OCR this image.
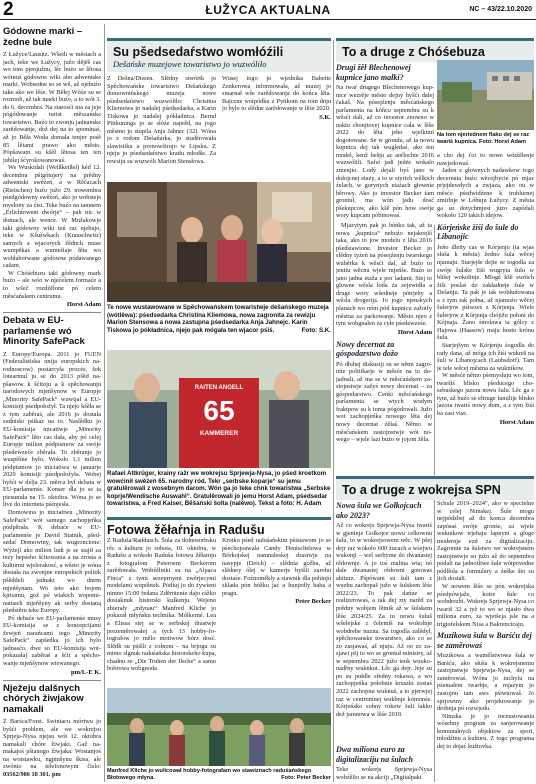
2	ŁUŽYCA AKTUALNA	NC – 43/22.10.2020
Gódowne marki – žedne bule

Z Łužyce/Lausitz. Wšedi w městach a jach, teke we Łužycy, južo dějěš cas wo tom pjenjužnu, lěc buźo se lětosa wótmiś gódowne wiki abo adwentske marki. Wobsedne so se wě, až njebuźo take ako we lěśe. W Běłej Wóźe su se rozmoli, až tak marki buźo, a to wót 3. do 6. decembra. Na starosći ma za jeje pógódowanje turist měszańske towaristwo. Buźo to zwonju jadnanske zarědowanje, dož dej na to spominaś, až jo Běła Woda domała tenjer pośě 85 lětami prawo ako město. Pópšawam su kšěł lětosa ten ten jubilej śćyrokowanowaś.

We Wuskidali (Weißkeißel) kéd 12. decembra pšigótujery na prědny adwentski swěźeń, a w Rěčacach (Rietschen) buźo južo 29. nowembra pśedgódowny swěźeń, ako jo wobsteje myslony za ćisi. Teke buźo na tamnem „Erlichtowem dwórje“ – pak nic w domach, ale wence. W Mužakowje taki gódowny wiki teń raz njebujo, teke w Kšušwkach (Krauschwitz) samych a wjacorych žědnch muse wumpĕkaś a wumešiaje łěta wo wobłaborwane gódowne pódawanego cašam.

W Chóśebuzu taki gódowny mark buźo – ale wóo w njećelem formaće a to wšeč rozdźělone pó celem měsćańskem centrumu.

Horst Adam
Debata w EU-parlamenśe wó Minority SafePack

Z Europy/Europa. 2011 jo FUEN (Federalistiska unija europskich narodnoscow) postarcyła procés, žek lotearmul ju se do 2013 pšěd napšawow k šćitoju a k spěchowanju narodowych mjeńšynow w Europje „Minority SafePack“ wuwijał a EU-komisiji pśedpołožył. Ta njejo kšěła se z tym zaběraś, ale 2016 jo dostała sudniski pśikaz na to. Naslědku jo EU-komisija inicatiwje „Minority SafePack“ lěto cas dała, aby pó celej Europje milion pódpismow za swóje pšedewzeće zběrała. To zběranje jo wuspěšne było. Wokoło 1,1 milion pódpismow jo iniciatiwa w januarje 2020 komisiji pśedpołožyła. Wobej hyšći w delja 23. měrca był debata w EU-parlamenśe. Konser dla jo se ta piesunuła na 15. oktobra. Wóna jo se live do interneta pśenjesła.

Domowina jo iniciatiwu „Minority SafePack“ wót samego zachopjeńka pódpěrała. K debaće w EU-parlamenśe je David Statnik, pšedsedaŕ Domowiny, tak wugroncione: Wýżejl ako milion ludi je se stajił za tezy hepśeho šćitowania a na zrosta a kulturnu wjelerakosć, a wšeto je wóna dostała na zwonjne europskich politik pšěddeli jadnaki wo dnem mjeńšynam. Wo teto ako bojom kjrtsimu, gož pó wiakich wopominatnach mjeńšyny ak serby dostaną pšedstěru teke Europy.

Pó debaće we EU-parlamenśe musy EU-komisija se z koncepcijami žewjeń narańcami tego „Minority SafePack“ zapšedka jo ich bylo jadnasćo, dwe so EU-komisija wotpokazała) zaběraś a šćit a spěchowanje mjeńšynow wiewanego.

pm/L-E K.
Nježeju dalšnych chórych žiwjakow namakali

Z Barśca/Forst. Swiniacu mórtwu jo byšći problem, ale we wokrejsu Sprjeja-Nysa njejsu wót 12. oktobra namakali chóre žiwjaki. Gaž namakajoś pšianogo žiwjaka: Wostanjoś na wotstawku, ngpinšynu škisa, ale zwónio na telefonowym číslo: 03562/986 18 301. pm

Su pšedsedaŕstwo womłóźili
Dešańske muzejowe towaristwo jo wuzwóliło

Z Dešna/Dissen. Slědny stwórtk jo Spěchowańske towaristwo Dešańskego domownińskego muzeja nowe pśedsedaŕstwo wuzwóliło: Christina Kliemowa jo nadalej pśedsedarka, a Karin Tiskowa jo nadalej pókładnica. Bernd Pittkunings jo se słóźe naprěd, na jogo městno jo stupila Anja Jahnec (32). Wóna jo z rodom Dešańarka, jo studěrowała slawistiku a pronowširujo w Lipsku. Z njeju jo pśedsedaŕstwo kradu młodše. Za rewsiju su wuzwóli Marion Stensłowa.

Wusej togo jo wjednika Babette Zenkerowa informowała, až muzej jo smarnał wše zarědowanja do końca lěta. Bajczne wotpódku z Pyttkom na tom dnju jo bylo to slědne zarědowanje w lěśe 2020.

S.K.
Te nowe wustawowane w Spěchowańskem towaristwje dešańskego muzeja (wótlěwa): pśedsedarka Christina Kliemowa, nowa zagronita za rewizju Marion Stensowa a nowa zastupna pśedsedarka Anja Jahnejc. Karin Tiskowa jo pókładnica, njejo pak mógała ten wjacor pśiś.	Foto: S.K.
RAITEN ANGELL
65
KAMMERER
Rafael Altkrüger, krainy ražr we wokrejsu Sprjewja-Nysa, jo pšed kroetkom wowćinił swěźeń 65. narodny ród. Tekr „serbske koparje“ su jemu gratulěrowali z wosebnym darom. Wón ga jo teke chnk towaristwa „Serbske koprje/Wendische Auswahl“. Gratulěrowali jo jemu Horst Adam, pśedsedar towaristwa, a Fred Kaiser, Běšański šolta (nalěwo). Tekst a foto: H. Adam
Fotowa žěłaŕnja in Radušu

Z Raduša/Raddusch. Šula za dolnosorbsku rěc a kulturu jo sobota, 10. oktobra, w Radušu a wokoło Raduša fotowu žěłarnju z fotografom Peteroem Beckerom zarědowała. Wobźělniki su na „Alpaca Finca“ z tymi sezeprnymi zwěrjecymi modelami wupóbtek. Pódiuj jo do żywieni nimno 15:00 ředana Zděrotenie dajo rážko dosiaknuk historski kulkenju. Wejeno zbierały „młynau“ Manfred Kliche jo pokazał młyńsku technika. Mólkerné. Lea a Elissa stej se w serbskej drastwje prezentěrowałej a tych 13 hobby-fotografow jo mělo motiwow bórz dosć. Slědk su pśišli z cołnom – na brjogu su mimo slgnuk raduśańska historskeho kupa, chadnu ze „Die Truhen der Ilsche“ a samo bobrowa wobgnoda.

Krotko pśed raduśańskim pśistawom jo se pśechojoawala Candy Hentschelowa w Bórkojskej namnaleskej drastwje na nasypje (Deich) – slědnia gožba, až slědney ólej w kamerje bytšli zarohu dostaśe. Foźnoměkly a stawnik dla pohinju sklada pón bóžku jać a hunjedly baba a pragu.

Peter Becker
Manfred Kliche jo wulicował hobby-fotografam wo stawiznach raduśańskego Błotowego młyna.	Foto: Peter Becker
To a druge z Chóśebuza
Drugi žěł Blechenowej kupnice jano malki?

Na twaŕ drugego Blechenowego kupnice wezrěje město dejny hyšći dalej čakaš. Na pósejźenju měsćańskego parlamenta na kóńcu septembra su k wěsći dali, až co investor znowno w naktu chonjtovej kupnice cała w lěše 2022 do lěta jeho wjelkimi dogotowane. Se w grondu, až ta nowu kupnica dej tak wugledaś, ako ten model, kenž bešju ac aoŕlochte 2016 wuzwólili. Sufsi jadi jedże wokalo zmenjio. Lodý dejali byś jano w dołojcnej etaży, a to w styrich wělkich źelach, w gorynych etażach głownie běrowy. Ako jo investor Becker tam grontuł, ma wón jadu dosć pšekupcow, ako kšě pón how swóje wory kupcam póbinowaś.

Na tom njeriednem flaku dej se raz twariś kupnica. Foto: Horst Adam

Mjazytym pak jo bóńko tak, až ta nowa „kupnica“ nebuźo nejakrejší taka, ako to jow modelu z lěta 2016 pšedstawione. Investor Becker jo slědny tyźeń na pósejźenju twarskego wuběrka k wěsći dał, až buźo to jenitu wěcnu wjele mjeńše. Buźo to jano jadna etaža z por ladami. Stej to glowne wěsla loda za zejewidła a druge wory wšedneje pótrjeby a wěsla drogerija. Jo jogo njenskych planach wo nóm pód kupnicu zažotfy městna za parkowanje. Město njeo z tym wobgnalen za cyłe pśedewześe.

Horst Adam
Nowy decernat za góspodarstwo dožo

Pó dłuhej diskusiji su se němi zagronite politikarje w měsće na to dojadnali, až ma se w měsćańskem zastojnstwje zažyś nowy decernat – za góspodarstwo. Cenki měsćańskego parlamenta se wtych wodym fraktpow su k toma pógódowali. Južo wot zachopjeńka nowego lěta dej nowy decernat źěłaś. Němo w měsćańskem zastojnstwje wót nowego – wjele lazi bużo w jojom žěla.

a cho dej ťoi to nowe wótźělenje nawjedowaś.

Jaden z głownych nadawkow togo decernata buźo wěcejbycie pó mjaz prjejdewdych a zwjaza, ako ou w měsće pśedwidźene k trublurnej zmirlnje w Lóbuju Łužycy. Z města ga su dotychmjest jużo zapódali wokoło 120 takich idejow.

Kórjeńske žiśi do šule do Libanojic

Jeño dleity cas w Kórjenju (ta wjas słuša k městu) žedno šula wěcej njamaju. Starjejše dejte se togodla za swóje šulske žiši wugryta šulu w blišej wokolinje. Mlogé kšě swóich žiši poslaś do zakładneje šule w Dešanju. Ta pak je tak wobłudowana a z tym tak połna, až njamoźo wěcej šulerjow pśiwześ z Kórjenja. Wiele šulerjow z Kórjenja chójižu połoni do Kójnaja. Žano śmolawa ta gólcy z Hajowa (Haasow) maju husto krónu šula.

Starjejšym w Kórjenju śogodla do rady dana, až móga ich žiśi wukniš na šuli w Libanojcach (Laubsdorf). Tam je tele wěcej městna za wuknikow.

W měsće němo pśemysluju wo tom, twaršiś blisko pšeducego chosebuskego jazora nowu šulu. Lěc ga z tym, až buźo se eltruge familije blisko jazora twariś nowy dom, a z tym žiśi ba zasi vise.

Horst Adam
To a druge z wokrejsa SPN
Nowa šula we Gołkojcach ako 2023?

Až co wokrejs Sprjewja-Nysa twariś w gjeninje Gołkojce nowu celkownu šulu, to w wokrejsowem wěc. W pšej dejr raz wokolo 600 żucach a wśejwu wukonji – wel serbyme do dwanastej rědownje. A jo toś malina wia; nó dale dwanastej rědowni gotowas abiturz. Pśpówam su šuli tam z wuzbu zachopaš južo w šulskem lěśe 2022/23. To pak dańue se realizerowaś, a tak dej zty narěd za prědny wobjem lětnik až w šulskem lěśe 2024/25. Za tu nowu šuluš wšelejske z čelemiš na wokolnje wobdrebe nuzna. Sa togodla zalědył, spěchowanske towarstwo, ako co se zo zasjawaś, až njuju. Až oo zo zasjawi pšj to wo se grontuł ministry, až w septembra 2022 južo tenk wuukonadřny wuknkut. Lěc ga dejr. Jeje su po su połdle sředny rokawa, a wo zachopjeńka połobnie kruszki zostaś 2022 zachopnu wuknuś, a to pjerwjej raz w centromnej wukbnje kómonśe. Kórjeńsko sobny rokow šuli lakko dež jamnowa w lěśe 2019.

Dwa miliona euro za digitalizaciju na šulach

Teke wokrejs Sprjewja-Nysa wobźělio se na akciji „Digitalpakt

Schule 2019–2024“, ako w specielne w celej Nimskej. Šule mogu nejpódzbej až do konca decembra zapósaś swóje gronśe, za wjele wuknikow trjebaju lapnyni a gloge modernje ezd za digitalizaciju. Zagronite za šulstwo we wokrejsném zastojnstwje su južo až do septembra pódali na jadnotliwe šule wótpovedne pódlłola a formulary a źeške što su jich dostali.

W nowem lěśe se pón wokrejska pśedpówjaže, kotre šule co wobdrezbi. Wokrejs Sprjewja-Nysa co twariš 32 a tyž to wo se njasło dwa miliona euro, za wjetšeja jsle na a trigtofelskem Nisa a Bakrencicaju.

Muzikowa šula w Barśću dej se zaměrowaś

Muzikowa a wumělstwowa šula w Barśću, ako słuša k wokrejsnemu zastojnstwje Sprjewja-Nysa, dej se zaměrowaś. Wóna jo tuchylu na pśemałem twarbje, a mjazym jo zastojnu tam aws pśiwtowaš. Jo sprjowtny ako projektowanje jo drobnja pó rozwjedu.

Nimska je jo inceustowania wósebny program za sanjerowanje komunalnych objektow za sport, mlodźinu a kulturu. Z togo programa dej to dojać kužtovka.
